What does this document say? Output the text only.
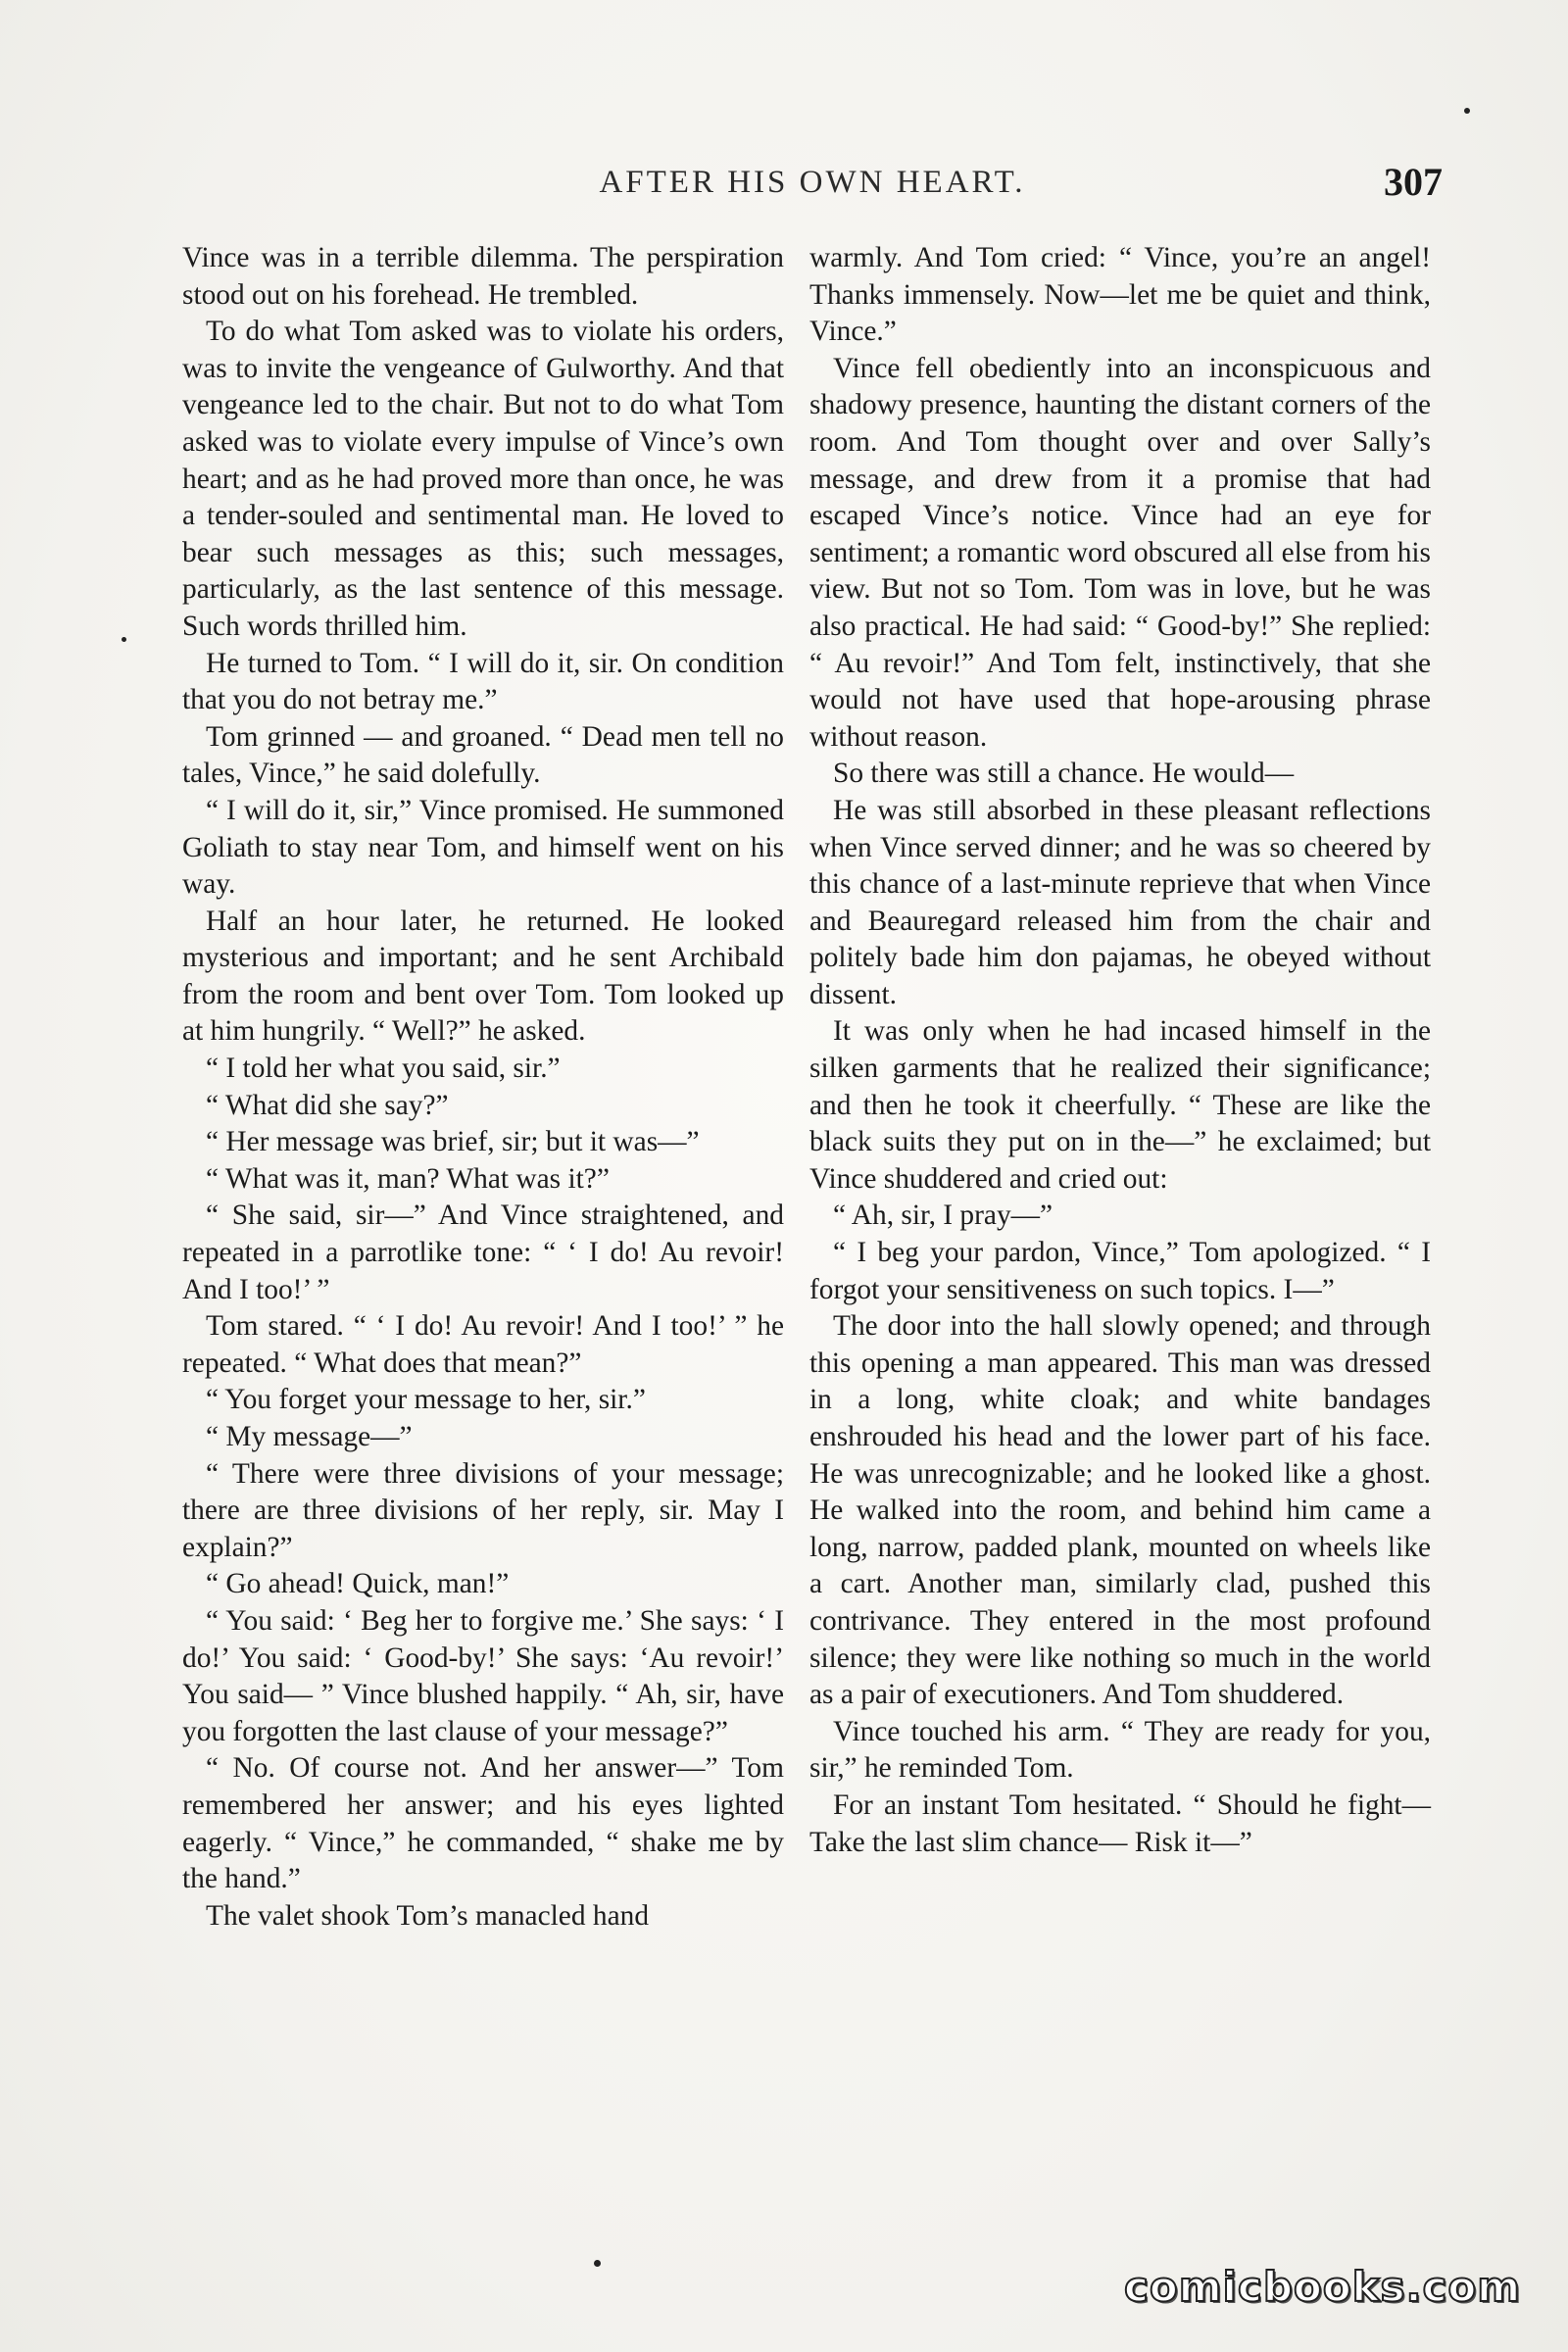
AFTER HIS OWN HEART.	307

Vince was in a terrible dilemma. The perspiration stood out on his forehead. He trembled.

To do what Tom asked was to violate his orders, was to invite the vengeance of Gulworthy. And that vengeance led to the chair. But not to do what Tom asked was to violate every impulse of Vince’s own heart; and as he had proved more than once, he was a tender-souled and sentimental man. He loved to bear such messages as this; such messages, particularly, as the last sentence of this message. Such words thrilled him.

He turned to Tom. “ I will do it, sir. On condition that you do not betray me.”

Tom grinned — and groaned. “ Dead men tell no tales, Vince,” he said dolefully.

“ I will do it, sir,” Vince promised. He summoned Goliath to stay near Tom, and himself went on his way.

Half an hour later, he returned. He looked mysterious and important; and he sent Archibald from the room and bent over Tom. Tom looked up at him hungrily. “ Well?” he asked.

“ I told her what you said, sir.”

“ What did she say?”

“ Her message was brief, sir; but it was—”

“ What was it, man? What was it?”

“ She said, sir—” And Vince straightened, and repeated in a parrotlike tone: “ ‘ I do! Au revoir! And I too!’ ”

Tom stared. “ ‘ I do! Au revoir! And I too!’ ” he repeated. “ What does that mean?”

“ You forget your message to her, sir.”

“ My message—”

“ There were three divisions of your message; there are three divisions of her reply, sir. May I explain?”

“ Go ahead! Quick, man!”

“ You said: ‘ Beg her to forgive me.’ She says: ‘ I do!’ You said: ‘ Good-by!’ She says: ‘Au revoir!’ You said— ” Vince blushed happily. “ Ah, sir, have you forgotten the last clause of your message?”

“ No. Of course not. And her answer—” Tom remembered her answer; and his eyes lighted eagerly. “ Vince,” he commanded, “ shake me by the hand.”

The valet shook Tom’s manacled hand

warmly. And Tom cried: “ Vince, you’re an angel! Thanks immensely. Now—let me be quiet and think, Vince.”

Vince fell obediently into an inconspicuous and shadowy presence, haunting the distant corners of the room. And Tom thought over and over Sally’s message, and drew from it a promise that had escaped Vince’s notice. Vince had an eye for sentiment; a romantic word obscured all else from his view. But not so Tom. Tom was in love, but he was also practical. He had said: “ Good-by!” She replied: “ Au revoir!” And Tom felt, instinctively, that she would not have used that hope-arousing phrase without reason.

So there was still a chance. He would—

He was still absorbed in these pleasant reflections when Vince served dinner; and he was so cheered by this chance of a last-minute reprieve that when Vince and Beauregard released him from the chair and politely bade him don pajamas, he obeyed without dissent.

It was only when he had incased himself in the silken garments that he realized their significance; and then he took it cheerfully. “ These are like the black suits they put on in the—” he exclaimed; but Vince shuddered and cried out:

“ Ah, sir, I pray—”

“ I beg your pardon, Vince,” Tom apologized. “ I forgot your sensitiveness on such topics. I—”

The door into the hall slowly opened; and through this opening a man appeared. This man was dressed in a long, white cloak; and white bandages enshrouded his head and the lower part of his face. He was unrecognizable; and he looked like a ghost. He walked into the room, and behind him came a long, narrow, padded plank, mounted on wheels like a cart. Another man, similarly clad, pushed this contrivance. They entered in the most profound silence; they were like nothing so much in the world as a pair of executioners. And Tom shuddered.

Vince touched his arm. “ They are ready for you, sir,” he reminded Tom.

For an instant Tom hesitated. “ Should he fight— Take the last slim chance— Risk it—”

comicbooks.com
